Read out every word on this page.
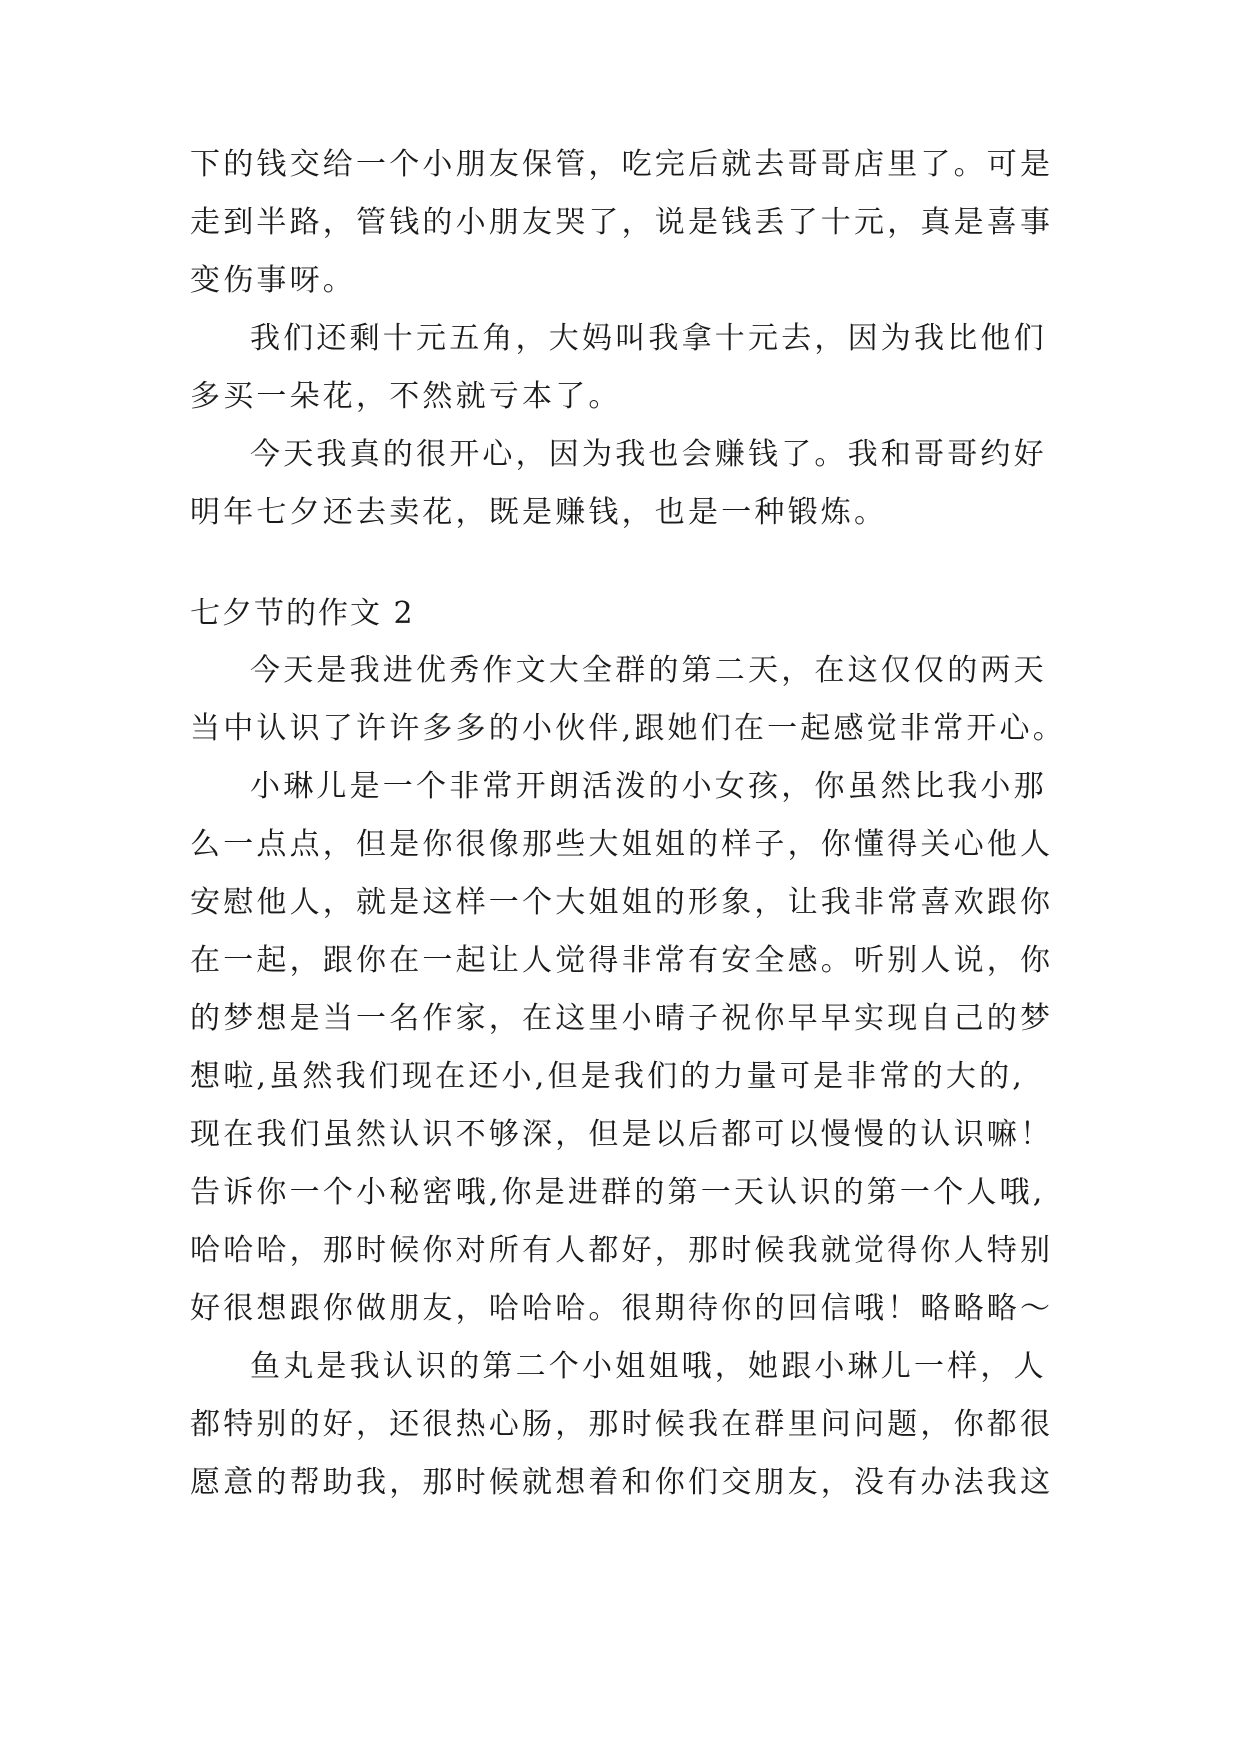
下的钱交给一个小朋友保管，吃完后就去哥哥店里了。可是
走到半路，管钱的小朋友哭了，说是钱丢了十元，真是喜事
变伤事呀。
我们还剩十元五角，大妈叫我拿十元去，因为我比他们
多买一朵花，不然就亏本了。
今天我真的很开心，因为我也会赚钱了。我和哥哥约好
明年七夕还去卖花，既是赚钱，也是一种锻炼。
七夕节的作文 2
今天是我进优秀作文大全群的第二天，在这仅仅的两天
当中认识了许许多多的小伙伴,跟她们在一起感觉非常开心。
小琳儿是一个非常开朗活泼的小女孩，你虽然比我小那
么一点点，但是你很像那些大姐姐的样子，你懂得关心他人
安慰他人，就是这样一个大姐姐的形象，让我非常喜欢跟你
在一起，跟你在一起让人觉得非常有安全感。听别人说，你
的梦想是当一名作家，在这里小晴子祝你早早实现自己的梦
想啦,虽然我们现在还小,但是我们的力量可是非常的大的,
现在我们虽然认识不够深，但是以后都可以慢慢的认识嘛！
告诉你一个小秘密哦,你是进群的第一天认识的第一个人哦,
哈哈哈，那时候你对所有人都好，那时候我就觉得你人特别
好很想跟你做朋友，哈哈哈。很期待你的回信哦！略略略～
鱼丸是我认识的第二个小姐姐哦，她跟小琳儿一样，人
都特别的好，还很热心肠，那时候我在群里问问题，你都很
愿意的帮助我，那时候就想着和你们交朋友，没有办法我这
